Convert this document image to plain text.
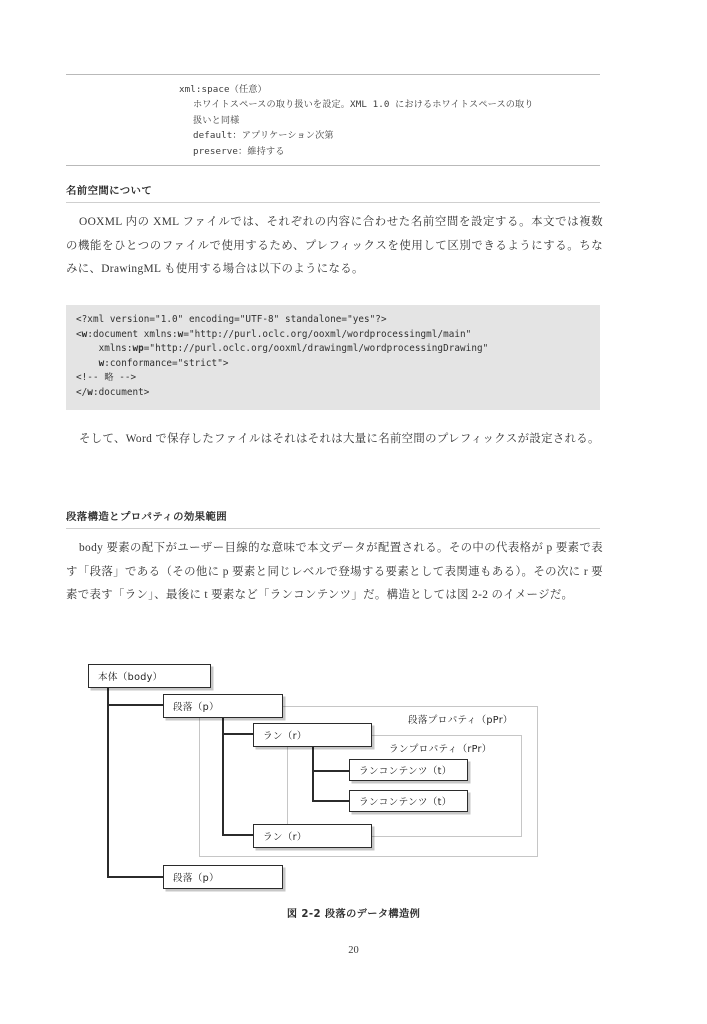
xml:space（任意）
ホワイトスペースの取り扱いを設定。XML 1.0 におけるホワイトスペースの取り
扱いと同様
default：アプリケーション次第
preserve：維持する
名前空間について
OOXML 内の XML ファイルでは、それぞれの内容に合わせた名前空間を設定する。本文では複数の機能をひとつのファイルで使用するため、プレフィックスを使用して区別できるようにする。ちなみに、DrawingML も使用する場合は以下のようになる。
<?xml version="1.0" encoding="UTF-8" standalone="yes"?>
<w:document xmlns:w="http://purl.oclc.org/ooxml/wordprocessingml/main"
xmlns:wp="http://purl.oclc.org/ooxml/drawingml/wordprocessingDrawing"
w:conformance="strict">
<!-- 略 -->
</w:document>
そして、Word で保存したファイルはそれはそれは大量に名前空間のプレフィックスが設定される。
段落構造とプロパティの効果範囲
body 要素の配下がユーザー目線的な意味で本文データが配置される。その中の代表格が p 要素で表す「段落」である（その他に p 要素と同じレベルで登場する要素として表関連もある）。その次に r 要素で表す「ラン」、最後に t 要素など「ランコンテンツ」だ。構造としては図 2-2 のイメージだ。
段落プロパティ（pPr）
ランプロパティ（rPr）
本体（body）
段落（p）
ラン（r）
ランコンテンツ（t）
ランコンテンツ（t）
ラン（r）
段落（p）
図 2-2 段落のデータ構造例
20
